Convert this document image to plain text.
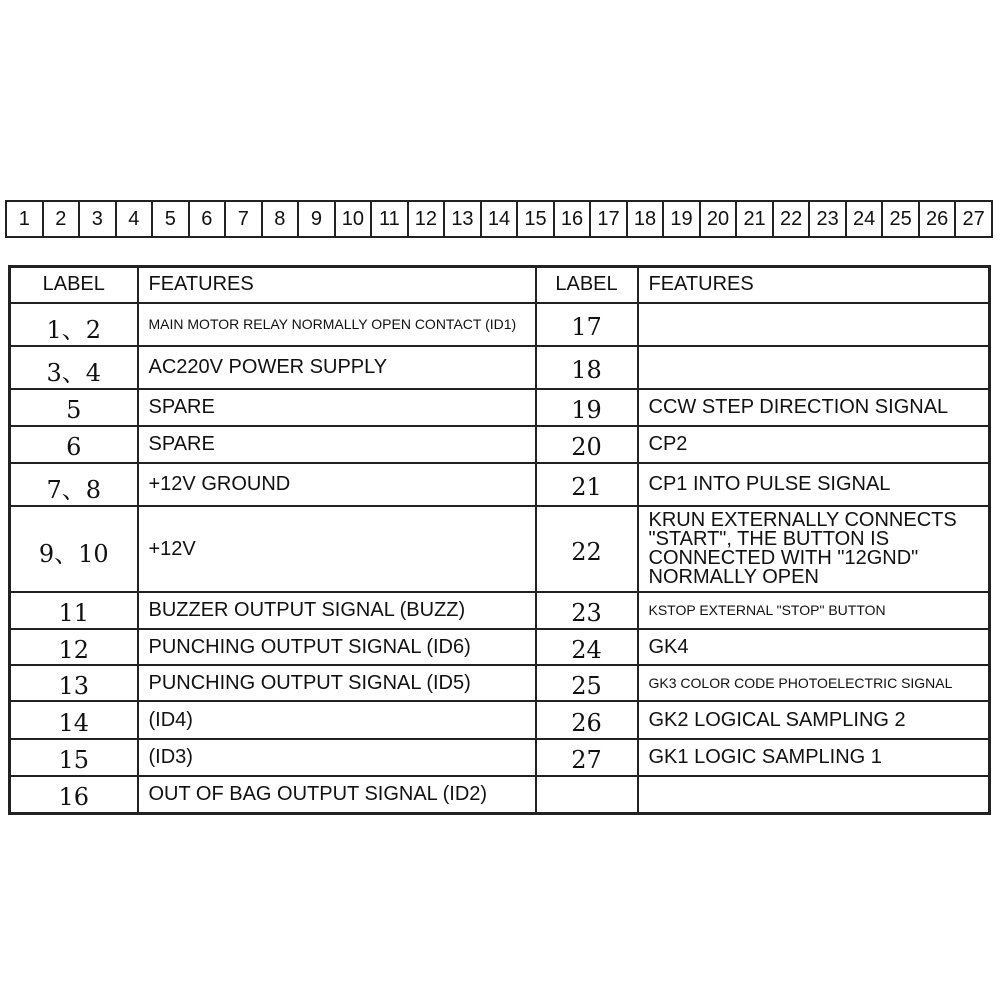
1	2	3	4	5	6	7	8	9 10 11 12 13 14 15 16 17 18 19 20 21 22 23 24 25 26 27
LABEL	FEATURES	LABEL	FEATURES
1、2	MAIN MOTOR RELAY NORMALLY OPEN CONTACT (ID1)	17	
3、4	AC220V POWER SUPPLY	18	
5	SPARE	19	CCW STEP DIRECTION SIGNAL
6	SPARE	20	CP2
7、8	+12V GROUND	21	CP1 INTO PULSE SIGNAL
9、10	+12V	22	KRUN EXTERNALLY CONNECTS "START", THE BUTTON IS CONNECTED WITH "12GND" NORMALLY OPEN
11	BUZZER OUTPUT SIGNAL (BUZZ)	23	KSTOP EXTERNAL "STOP" BUTTON
12	PUNCHING OUTPUT SIGNAL (ID6)	24	GK4
13	PUNCHING OUTPUT SIGNAL (ID5)	25	GK3 COLOR CODE PHOTOELECTRIC SIGNAL
14	(ID4)	26	GK2 LOGICAL SAMPLING 2
15	(ID3)	27	GK1 LOGIC SAMPLING 1
16	OUT OF BAG OUTPUT SIGNAL (ID2)		
